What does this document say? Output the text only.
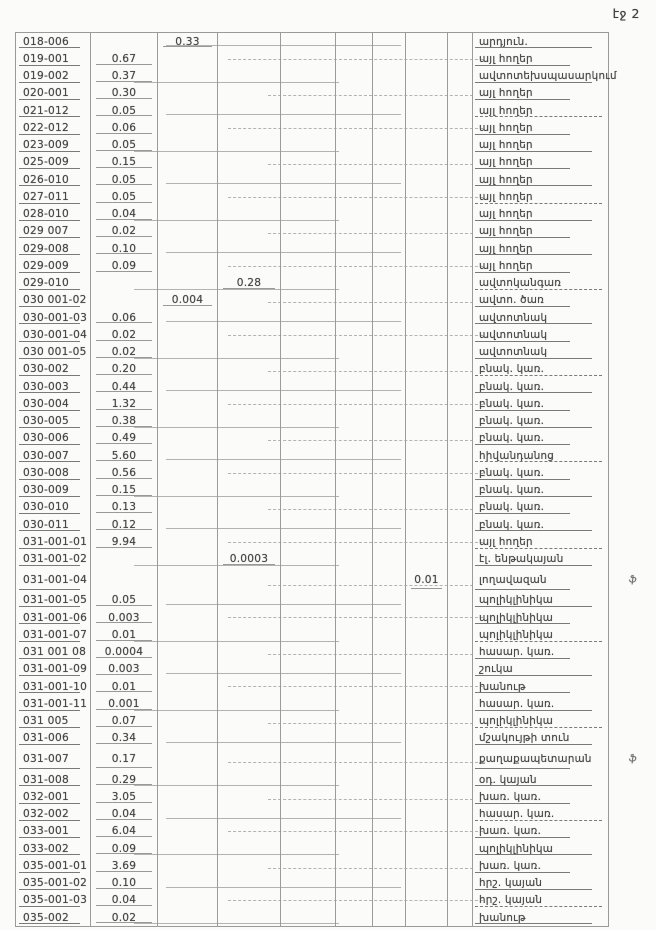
էջ 2
018-006	0.33	արդյուն.
019-001	0.67	այլ հողեր
019-002	0.37	ավտոտեխսպասարկում
020-001	0.30	այլ հողեր
021-012	0.05	այլ հողեր
022-012	0.06	այլ հողեր
023-009	0.05	այլ հողեր
025-009	0.15	այլ հողեր
026-010	0.05	այլ հողեր
027-011	0.05	այլ հողեր
028-010	0.04	այլ հողեր
029 007	0.02	այլ հողեր
029-008	0.10	այլ հողեր
029-009	0.09	այլ հողեր
029-010	0.28	ավտոկանգառ
030 001-02	0.004	ավտո. ծառ
030-001-03 0.06	ավտոտնակ
030-001-04 0.02	ավտոտնակ
030 001-05 0.02	ավտոտնակ
030-002	0.20	բնակ. կառ.
030-003	0.44	բնակ. կառ.
030-004	1.32	բնակ. կառ.
030-005	0.38	բնակ. կառ.
030-006	0.49	բնակ. կառ.
030-007	5.60	հիվանդանոց
030-008	0.56	բնակ. կառ.
030-009	0.15	բնակ. կառ.
030-010	0.13	բնակ. կառ.
030-011	0.12	բնակ. կառ.
031-001-01 9.94	այլ հողեր
031-001-02	0.0003	էլ. ենթակայան
031-001-04	0.01	լողավազան	ֆ
031-001-05 0.05	պոլիկլինիկա
031-001-06 0.003	պոլիկլինիկա
031-001-07 0.01	պոլիկլինիկա
031 001 08 0.0004	հասար. կառ.
031-001-09 0.003	շուկա
031-001-10 0.01	խանութ
031-001-11 0.001	հասար. կառ.
031 005	0.07	պոլիկլինիկա
031-006	0.34	մշակույթի տուն
031-007	0.17	քաղաքապետարան	ֆ
031-008	0.29	օդ. կայան
032-001	3.05	խառ. կառ.
032-002	0.04	հասար. կառ.
033-001	6.04	խառ. կառ.
033-002	0.09	պոլիկլինիկա
035-001-01 3.69	խառ. կառ.
035-001-02 0.10	հրշ. կայան
035-001-03 0.04	հրշ. կայան
035-002	0.02	խանութ
